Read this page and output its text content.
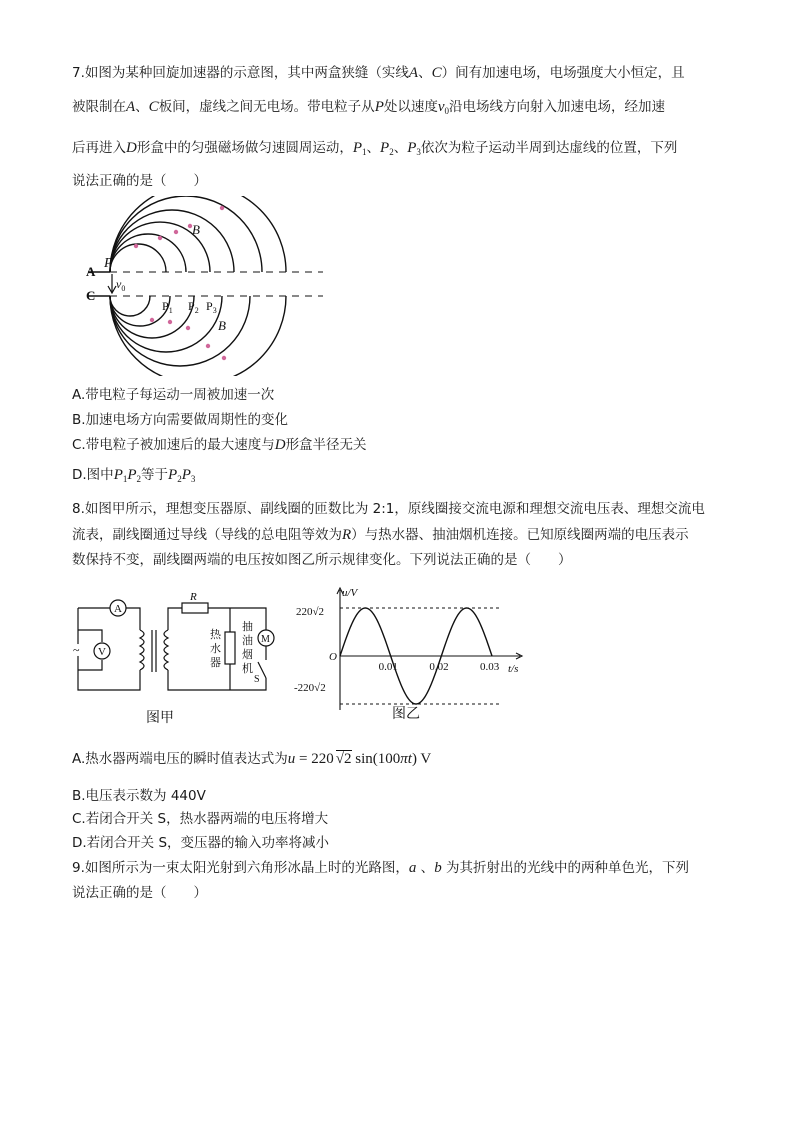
7.如图为某种回旋加速器的示意图，其中两盒狭缝（实线A、C）间有加速电场，电场强度大小恒定，且
被限制在A、C板间，虚线之间无电场。带电粒子从P处以速度$v_0$沿电场线方向射入加速电场，经加速
后再进入D形盒中的匀强磁场做匀速圆周运动，$P_1$、$P_2$、$P_3$依次为粒子运动半周到达虚线的位置，下列
说法正确的是（　　）
A
C
P
$v_0$
B
B
$P_1$ $P_2$ $P_3$
A.带电粒子每运动一周被加速一次
B.加速电场方向需要做周期性的变化
C.带电粒子被加速后的最大速度与D形盒半径无关
D.图中$P_1P_2$等于$P_2P_3$
8.如图甲所示，理想变压器原、副线圈的匝数比为 2:1，原线圈接交流电源和理想交流电压表、理想交流电
流表，副线圈通过导线（导线的总电阻等效为R）与热水器、抽油烟机连接。已知原线圈两端的电压表示
数保持不变，副线圈两端的电压按如图乙所示规律变化。下列说法正确的是（　　）
A
V
~
R
M
S
热
水
器
抽
油
烟
机
图甲
u/V
t/s
O
220√2
-220√2
0.01	0.02	0.03
图乙
A.热水器两端电压的瞬时值表达式为u = 220 √2 sin(100πt) V
B.电压表示数为 440V
C.若闭合开关 S，热水器两端的电压将增大
D.若闭合开关 S，变压器的输入功率将减小
9.如图所示为一束太阳光射到六角形冰晶上时的光路图，a 、b 为其折射出的光线中的两种单色光，下列
说法正确的是（　　）
